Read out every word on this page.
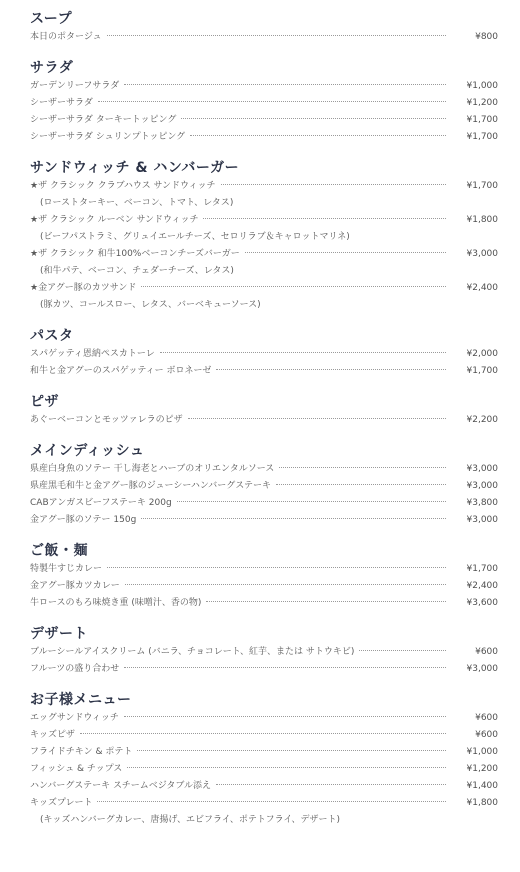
スープ
本日のポタージュ	¥800
サラダ
ガーデンリーフサラダ	¥1,000
シーザーサラダ	¥1,200
シーザーサラダ ターキートッピング	¥1,700
シーザーサラダ シュリンプトッピング	¥1,700
サンドウィッチ & ハンバーガー
★ザ クラシック クラブハウス サンドウィッチ	¥1,700
(ローストターキー、ベーコン、トマト、レタス)
★ザ クラシック ルーベン サンドウィッチ	¥1,800
(ビーフパストラミ、グリュイエールチーズ、セロリラブ＆キャロットマリネ)
★ザ クラシック 和牛100%ベーコンチーズバーガー	¥3,000
(和牛パテ、ベーコン、チェダーチーズ、レタス)
★金アグー豚のカツサンド	¥2,400
(豚カツ、コールスロー、レタス、バーベキューソース)
パスタ
スパゲッティ恩納ペスカトーレ	¥2,000
和牛と金アグーのスパゲッティー ボロネーゼ	¥1,700
ピザ
あぐーベーコンとモッツァレラのピザ	¥2,200
メインディッシュ
県産白身魚のソテー 干し海老とハーブのオリエンタルソース	¥3,000
県産黒毛和牛と金アグー豚のジューシーハンバーグステーキ	¥3,000
CABアンガスビーフステーキ 200g	¥3,800
金アグー豚のソテー 150g	¥3,000
ご飯・麺
特製牛すじカレー	¥1,700
金アグー豚カツカレー	¥2,400
牛ロースのもろ味焼き重 (味噌汁、香の物)	¥3,600
デザート
ブルーシールアイスクリーム (バニラ、チョコレート、紅芋、または サトウキビ)	¥600
フルーツの盛り合わせ	¥3,000
お子様メニュー
エッグサンドウィッチ	¥600
キッズピザ	¥600
フライドチキン & ポテト	¥1,000
フィッシュ & チップス	¥1,200
ハンバーグステーキ スチームベジタブル添え	¥1,400
キッズプレート	¥1,800
(キッズハンバーグカレー、唐揚げ、エビフライ、ポテトフライ、デザート)
